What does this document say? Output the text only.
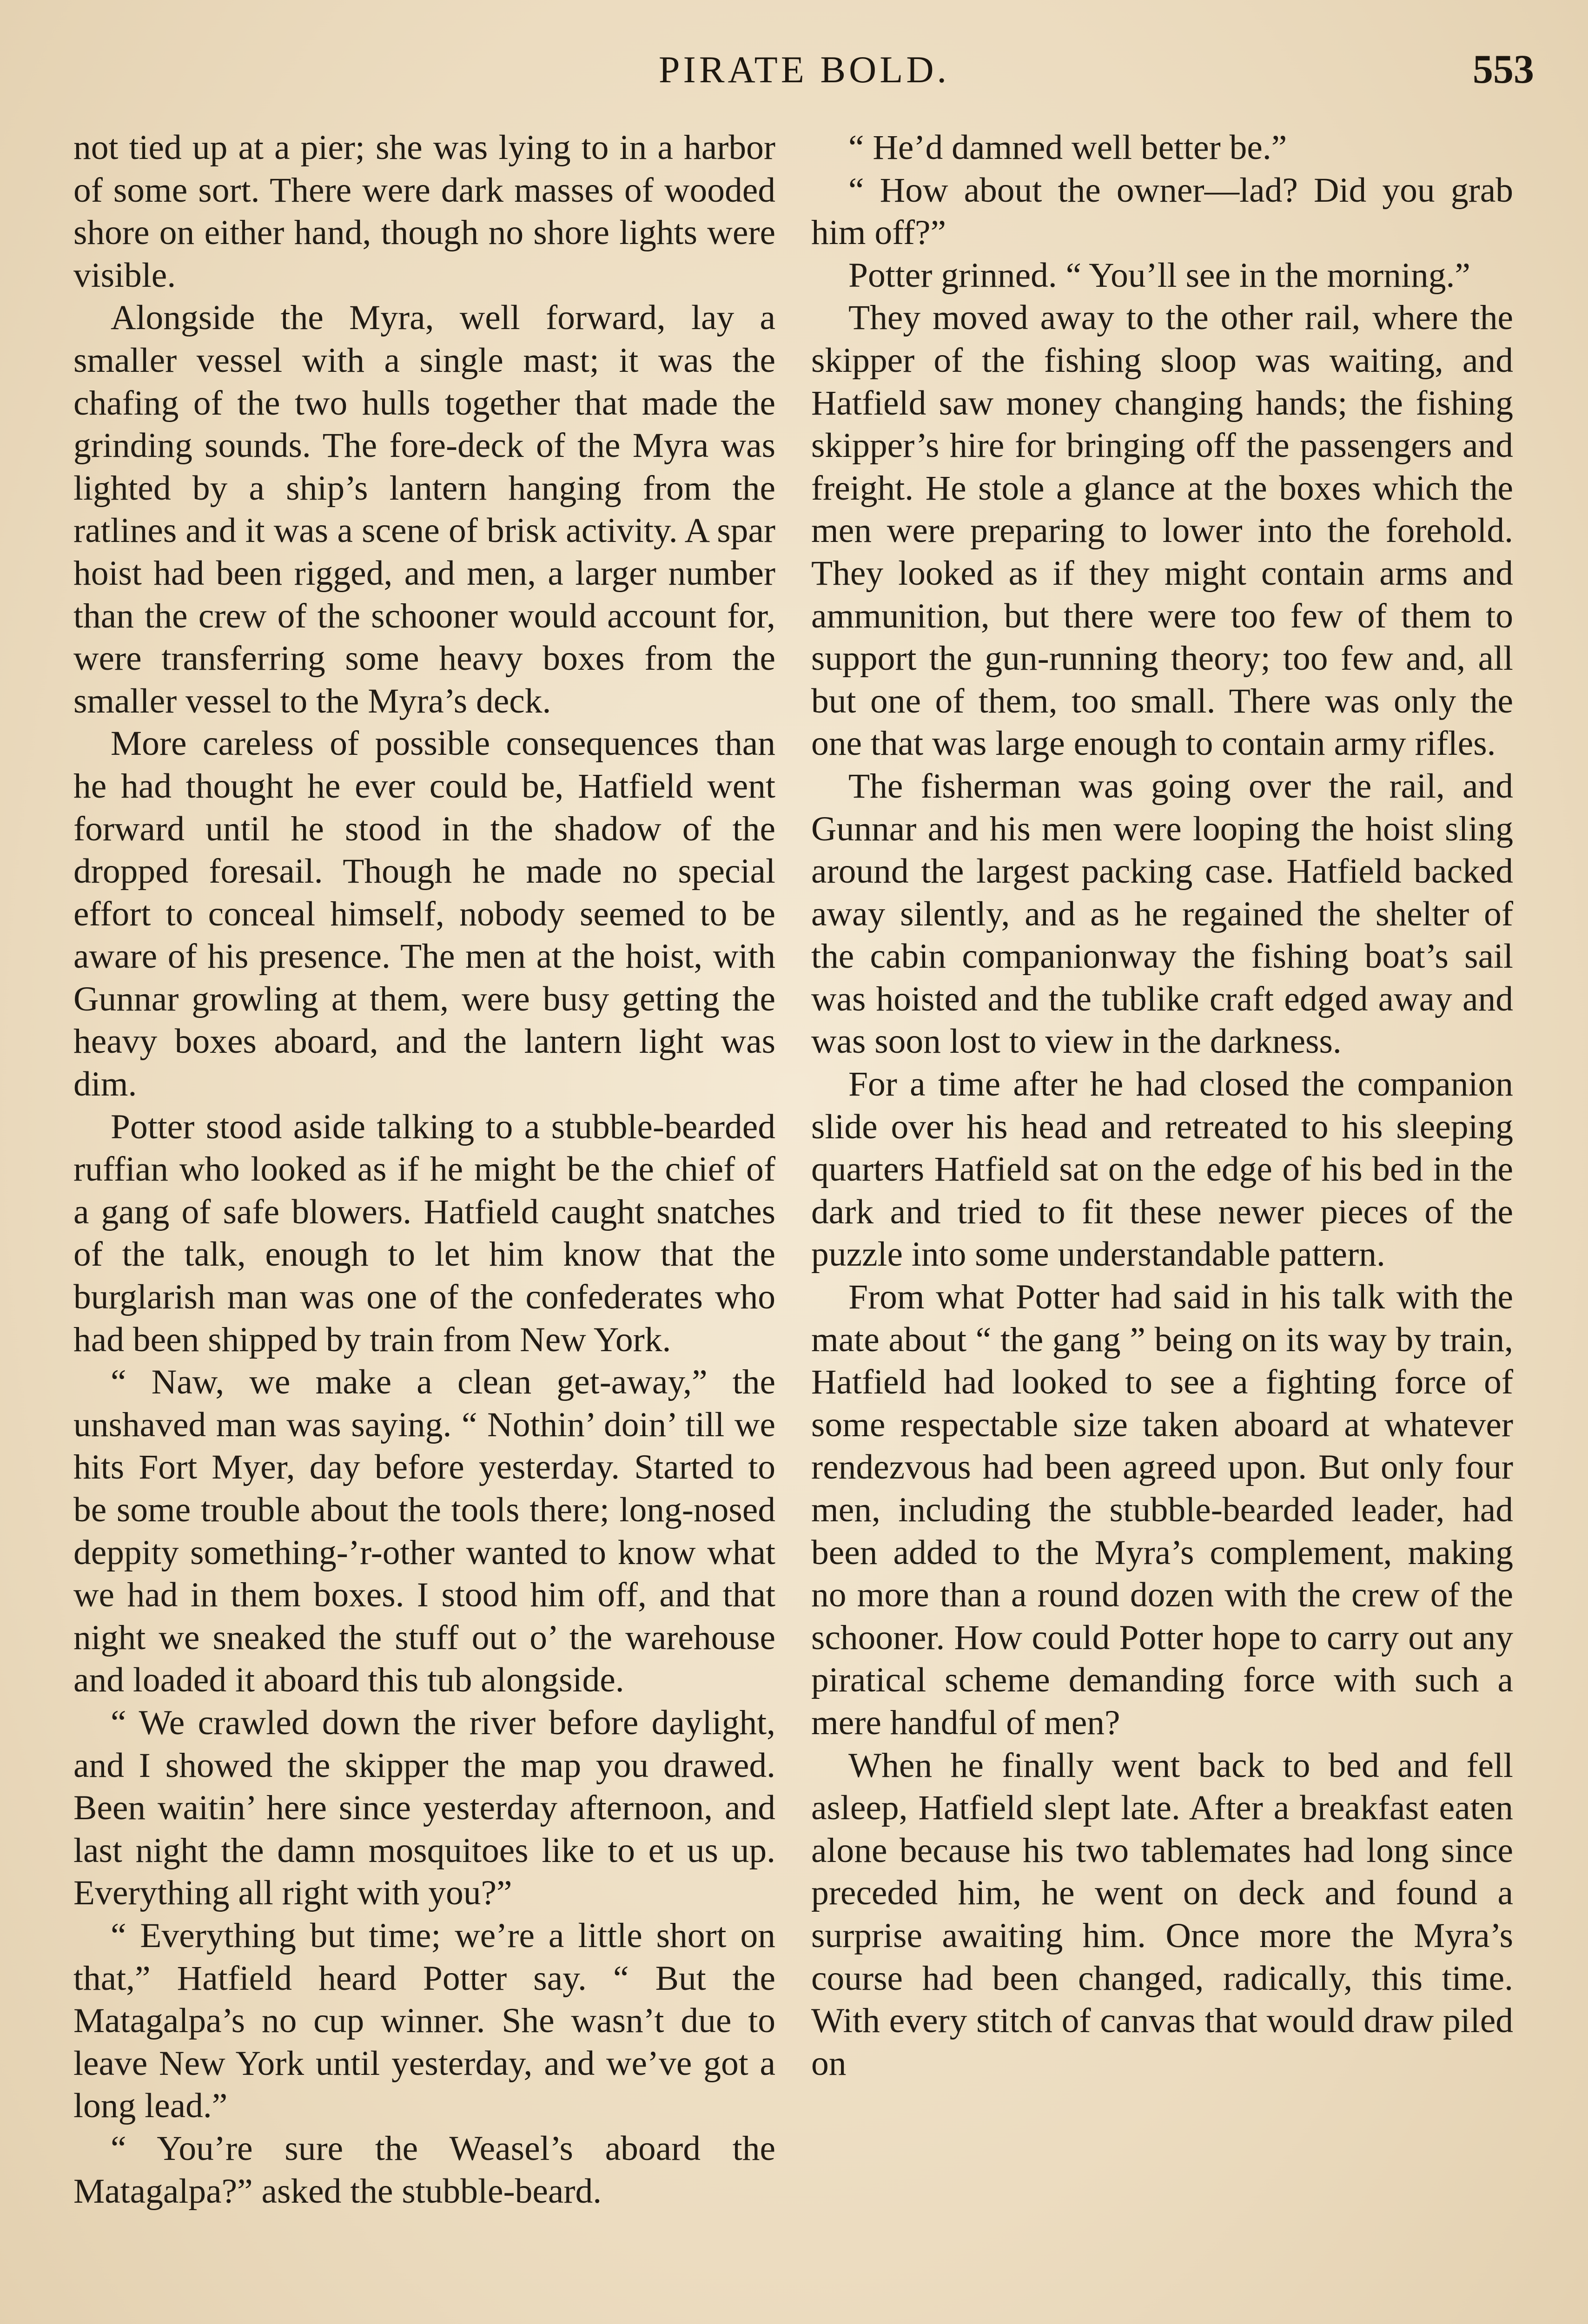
PIRATE BOLD.	553

not tied up at a pier; she was lying to in a harbor of some sort. There were dark masses of wooded shore on either hand, though no shore lights were visible.

Alongside the Myra, well forward, lay a smaller vessel with a single mast; it was the chafing of the two hulls together that made the grinding sounds. The fore-deck of the Myra was lighted by a ship’s lantern hanging from the ratlines and it was a scene of brisk activity. A spar hoist had been rigged, and men, a larger number than the crew of the schooner would account for, were transferring some heavy boxes from the smaller vessel to the Myra’s deck.

More careless of possible consequences than he had thought he ever could be, Hatfield went forward until he stood in the shadow of the dropped foresail. Though he made no special effort to conceal himself, nobody seemed to be aware of his presence. The men at the hoist, with Gunnar growling at them, were busy getting the heavy boxes aboard, and the lantern light was dim.

Potter stood aside talking to a stubble-bearded ruffian who looked as if he might be the chief of a gang of safe blowers. Hatfield caught snatches of the talk, enough to let him know that the burglarish man was one of the confederates who had been shipped by train from New York.

“ Naw, we make a clean get-away,” the unshaved man was saying. “ Nothin’ doin’ till we hits Fort Myer, day before yesterday. Started to be some trouble about the tools there; long-nosed deppity something-’r-other wanted to know what we had in them boxes. I stood him off, and that night we sneaked the stuff out o’ the warehouse and loaded it aboard this tub alongside.

“ We crawled down the river before daylight, and I showed the skipper the map you drawed. Been waitin’ here since yesterday afternoon, and last night the damn mosquitoes like to et us up. Everything all right with you?”

“ Everything but time; we’re a little short on that,” Hatfield heard Potter say. “ But the Matagalpa’s no cup winner. She wasn’t due to leave New York until yesterday, and we’ve got a long lead.”

“ You’re sure the Weasel’s aboard the Matagalpa?” asked the stubble-beard.

“ He’d damned well better be.”

“ How about the owner—lad? Did you grab him off?”

Potter grinned. “ You’ll see in the morning.”

They moved away to the other rail, where the skipper of the fishing sloop was waiting, and Hatfield saw money changing hands; the fishing skipper’s hire for bringing off the passengers and freight. He stole a glance at the boxes which the men were preparing to lower into the forehold. They looked as if they might contain arms and ammunition, but there were too few of them to support the gun-running theory; too few and, all but one of them, too small. There was only the one that was large enough to contain army rifles.

The fisherman was going over the rail, and Gunnar and his men were looping the hoist sling around the largest packing case. Hatfield backed away silently, and as he regained the shelter of the cabin companionway the fishing boat’s sail was hoisted and the tublike craft edged away and was soon lost to view in the darkness.

For a time after he had closed the companion slide over his head and retreated to his sleeping quarters Hatfield sat on the edge of his bed in the dark and tried to fit these newer pieces of the puzzle into some understandable pattern.

From what Potter had said in his talk with the mate about “ the gang ” being on its way by train, Hatfield had looked to see a fighting force of some respectable size taken aboard at whatever rendezvous had been agreed upon. But only four men, including the stubble-bearded leader, had been added to the Myra’s complement, making no more than a round dozen with the crew of the schooner. How could Potter hope to carry out any piratical scheme demanding force with such a mere handful of men?

When he finally went back to bed and fell asleep, Hatfield slept late. After a breakfast eaten alone because his two tablemates had long since preceded him, he went on deck and found a surprise awaiting him. Once more the Myra’s course had been changed, radically, this time. With every stitch of canvas that would draw piled on
